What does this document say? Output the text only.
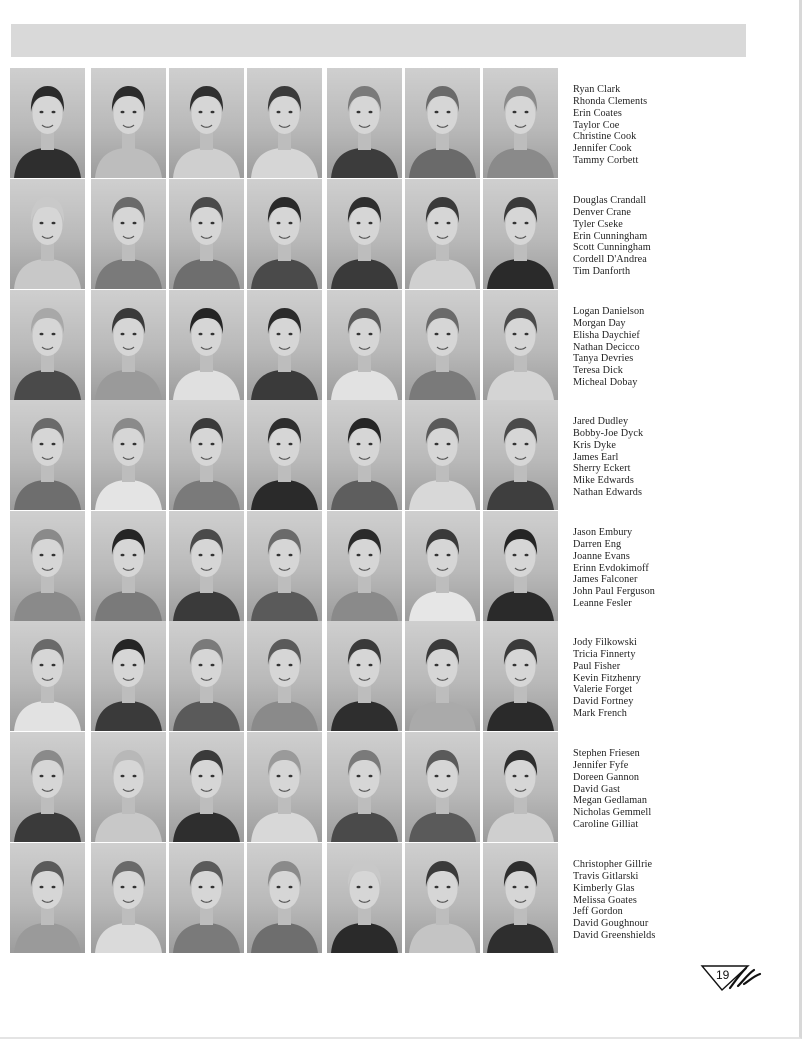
Ryan Clark
Rhonda Clements
Erin Coates
Taylor Coe
Christine Cook
Jennifer Cook
Tammy Corbett
Douglas Crandall
Denver Crane
Tyler Cseke
Erin Cunningham
Scott Cunningham
Cordell D'Andrea
Tim Danforth
Logan Danielson
Morgan Day
Elisha Daychief
Nathan Decicco
Tanya Devries
Teresa Dick
Micheal Dobay
Jared Dudley
Bobby-Joe Dyck
Kris Dyke
James Earl
Sherry Eckert
Mike Edwards
Nathan Edwards
Jason Embury
Darren Eng
Joanne Evans
Erinn Evdokimoff
James Falconer
John Paul Ferguson
Leanne Fesler
Jody Filkowski
Tricia Finnerty
Paul Fisher
Kevin Fitzhenry
Valerie Forget
David Fortney
Mark French
Stephen Friesen
Jennifer Fyfe
Doreen Gannon
David Gast
Megan Gedlaman
Nicholas Gemmell
Caroline Gilliat
Christopher Gillrie
Travis Gitlarski
Kimberly Glas
Melissa Goates
Jeff Gordon
David Goughnour
David Greenshields
19
